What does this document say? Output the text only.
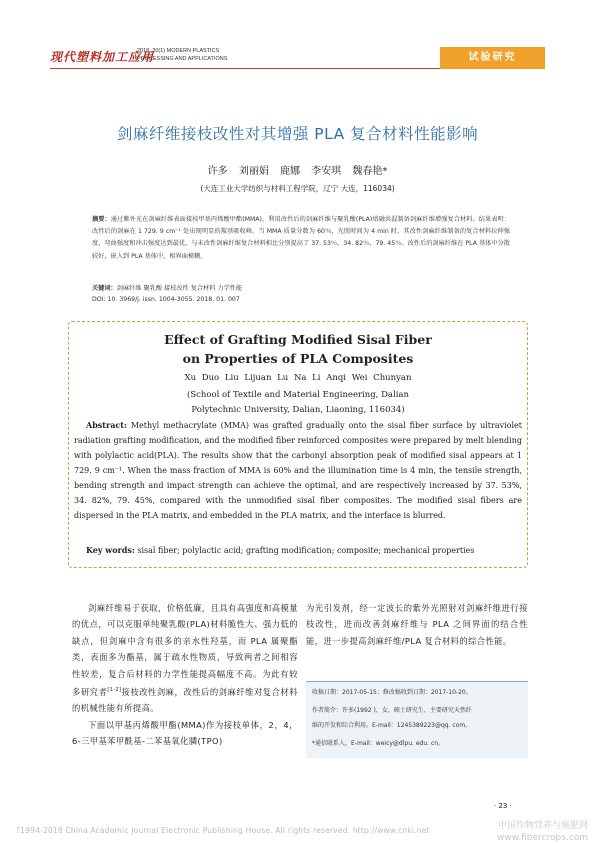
现代塑料加工应用
2018 ,30(1) MODERN PLASTICS
PROCESSING AND APPLICATIONS	试验研究
剑麻纤维接枝改性对其增强 PLA 复合材料性能影响
许多 刘丽娟 鹿娜 李安琪 魏春艳*
(大连工业大学纺织与材料工程学院，辽宁 大连，116034)
摘要：通过紫外光在剑麻纤维表面接枝甲基丙烯酸甲酯(MMA)，利用改性后的剑麻纤维与聚乳酸(PLA)熔融共混制备剑麻纤维增强复合材料。结果表明：改性后的剑麻在 1 729. 9 cm⁻¹ 处出现明显的羰基吸收峰。当 MMA 质量分数为 60％，光照时间为 4 min 时，其改性剑麻纤维制备的复合材料拉伸强度、弯曲强度和冲击强度达到最优，与未改性剑麻纤维复合材料相比分别提高了 37. 53％，34. 82％，79. 45％。改性后的剑麻纤维在 PLA 基体中分散较好，嵌入到 PLA 基体中，相界面模糊。
关键词：剑麻纤维 聚乳酸 接枝改性 复合材料 力学性能
DOI: 10. 3969/j. issn. 1004-3055. 2018. 01. 007
Effect of Grafting Modified Sisal Fiber
on Properties of PLA Composites
Xu Duo Liu Lijuan Lu Na Li Anqi Wei Chunyan
(School of Textile and Material Engineering, Dalian
Polytechnic University, Dalian, Liaoning, 116034)
Abstract: Methyl methacrylate (MMA) was grafted gradually onto the sisal fiber surface by ultraviolet radiation grafting modification, and the modified fiber reinforced composites were prepared by melt blending with polylactic acid(PLA). The results show that the carbonyl absorption peak of modified sisal appears at 1 729. 9 cm⁻¹. When the mass fraction of MMA is 60% and the illumination time is 4 min, the tensile strength, bending strength and impact strength can achieve the optimal, and are respectively increased by 37. 53%, 34. 82%, 79. 45%, compared with the unmodified sisal fiber composites. The modified sisal fibers are dispersed in the PLA matrix, and embedded in the PLA matrix, and the interface is blurred.
Key words: sisal fiber; polylactic acid; grafting modification; composite; mechanical properties

剑麻纤维易于获取，价格低廉，且具有高强度和高模量的优点，可以克服单纯聚乳酸(PLA)材料脆性大、强力低的缺点，但剑麻中含有很多的亲水性羟基，而 PLA 属聚酯类，表面多为酯基，属于疏水性物质，导致两者之间相容性较差，复合后材料的力学性能提高幅度不高。为此有较多研究者[1-2]接枝改性剑麻，改性后的剑麻纤维对复合材料的机械性能有所提高。

下面以甲基丙烯酸甲酯(MMA)作为接枝单体，2，4，6-三甲基苯甲酰基-二苯基氧化膦(TPO)

为光引发剂，经一定波长的紫外光照射对剑麻纤维进行接枝改性，进而改善剑麻纤维与 PLA 之间界面的结合性能，进一步提高剑麻纤维/PLA 复合材料的综合性能。
收稿日期：2017-05-15；修改稿收到日期：2017-10-20。
作者简介：许多(1992 )，女，硕士研究生，主要研究天然纤
维的开发和综合利用。E-mail：1245389223@qq. com。
*通信联系人，E-mail：weicy@dlpu. edu. cn。
· 23 ·
?1994-2018 China Academic Journal Electronic Publishing House. All rights reserved. http://www.cnki.net	中国作物营养与施肥网
www.fibercrops.com
